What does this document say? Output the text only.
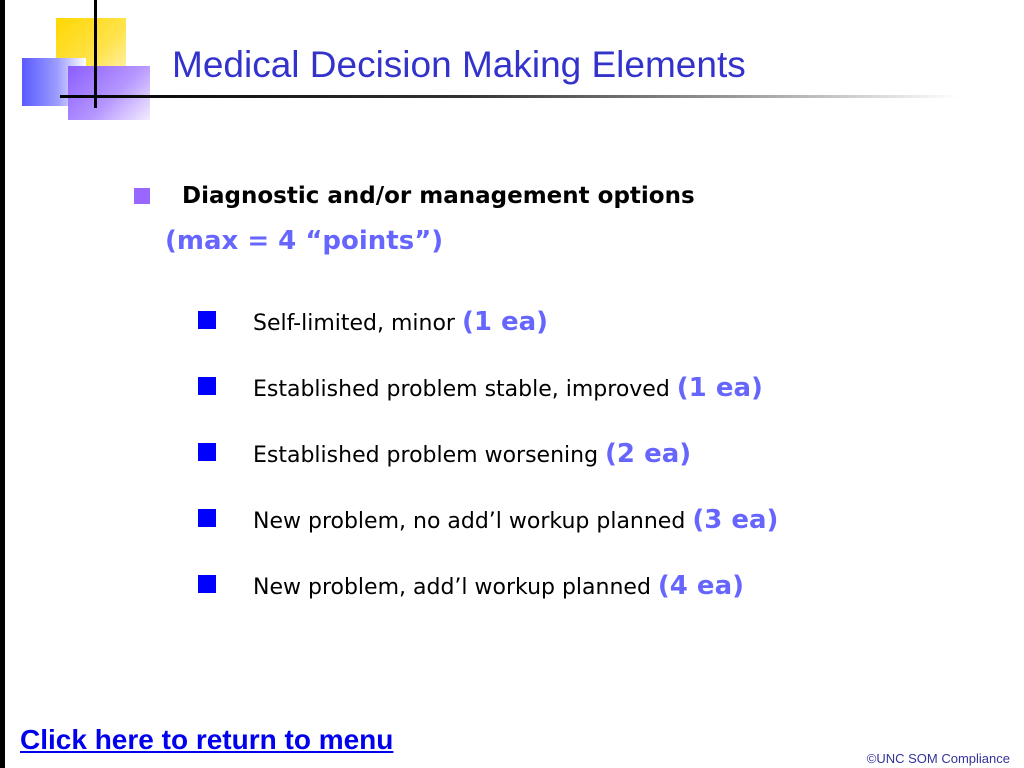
Medical Decision Making Elements
Diagnostic and/or management options
(max = 4 “points”)
Self-limited, minor (1 ea)
Established problem stable, improved (1 ea)
Established problem worsening (2 ea)
New problem, no add’l workup planned (3 ea)
New problem, add’l workup planned (4 ea)
Click here to return to menu
©UNC SOM Compliance
